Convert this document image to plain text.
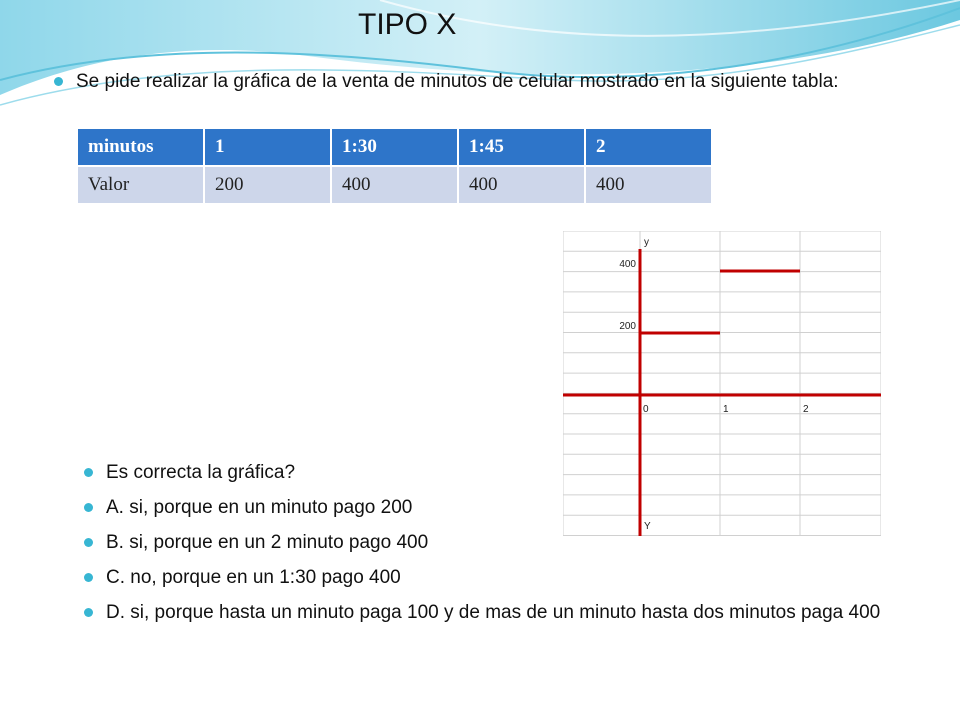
TIPO X
Se pide realizar la gráfica de la venta de minutos de celular mostrado en la siguiente tabla:
minutos	1	1:30	1:45	2
Valor	200	400	400	400
y
Y
400
200
0	1	2
Es correcta la gráfica?
A. si, porque en un minuto pago 200
B. si, porque en un 2 minuto pago 400
C. no, porque en un 1:30 pago 400
D. si, porque hasta un minuto paga 100 y de mas de un minuto hasta dos minutos paga 400
